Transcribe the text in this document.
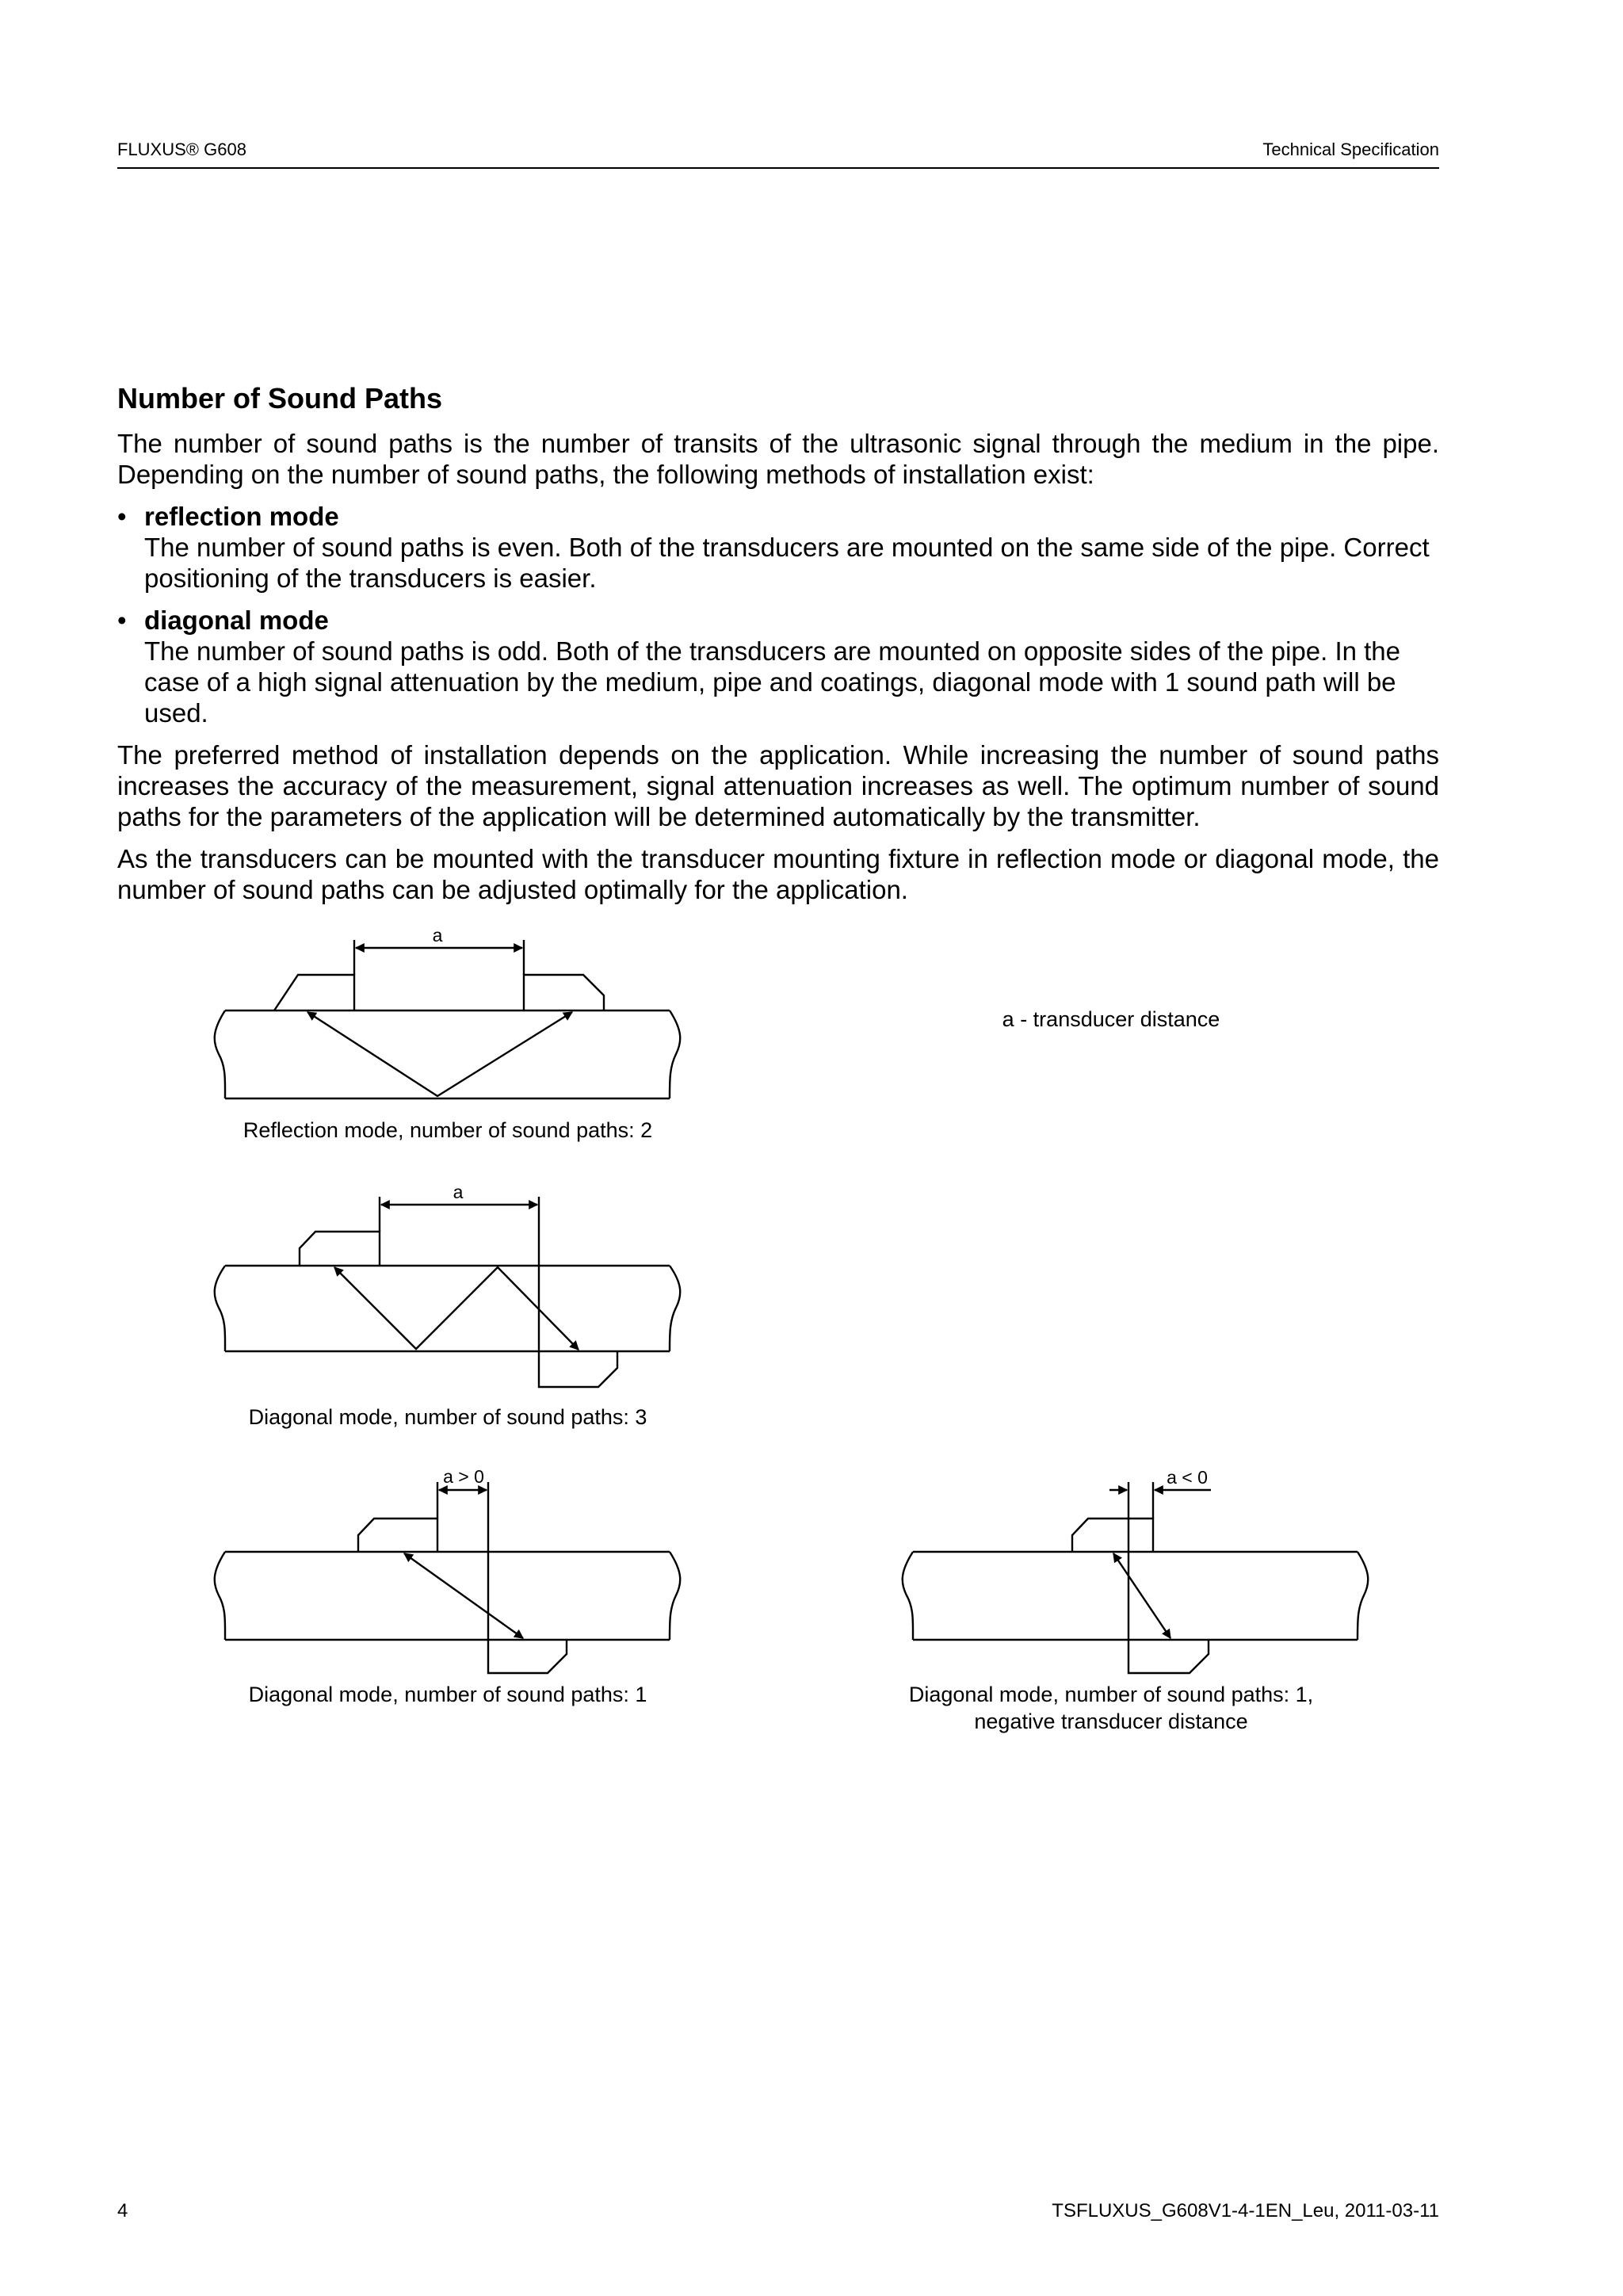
FLUXUS® G608	Technical Specification
Number of Sound Paths

The number of sound paths is the number of transits of the ultrasonic signal through the medium in the pipe. Depending on the number of sound paths, the following methods of installation exist:

• reflection mode
The number of sound paths is even. Both of the transducers are mounted on the same side of the pipe. Correct positioning of the transducers is easier.
• diagonal mode
The number of sound paths is odd. Both of the transducers are mounted on opposite sides of the pipe. In the case of a high signal attenuation by the medium, pipe and coatings, diagonal mode with 1 sound path will be used.

The preferred method of installation depends on the application. While increasing the number of sound paths increases the accuracy of the measurement, signal attenuation increases as well. The optimum number of sound paths for the parameters of the application will be determined automatically by the transmitter.

As the transducers can be mounted with the transducer mounting fixture in reflection mode or diagonal mode, the number of sound paths can be adjusted optimally for the application.

a - transducer distance
a
Reflection mode, number of sound paths: 2
a
Diagonal mode, number of sound paths: 3
a > 0
Diagonal mode, number of sound paths: 1
a < 0
Diagonal mode, number of sound paths: 1,
negative transducer distance
4	TSFLUXUS_G608V1-4-1EN_Leu, 2011-03-11
